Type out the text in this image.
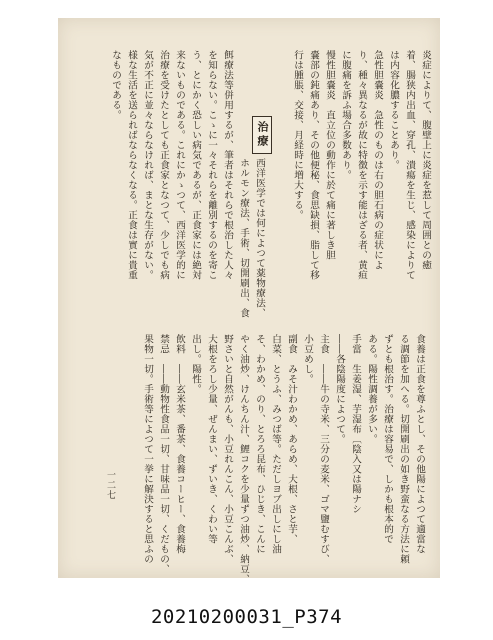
炎症によりて、腹壁上に炎症を惹して周囲との癒
着、腸狭内出血、穿孔、潰瘍を生じ、感染によりて
は内容化膿することあり。
急性胆嚢炎　急性のものは右の胆石病の症状によ
り、種々異なるが故に特徴を示す能はざる者、黄疸
に腹痛を訴ふ場合多数あり。
慢性胆嚢炎　直立位の動作に於て痛に著しき胆
嚢部の鈍痛あり、その他便秘、食思缺損、脂して移
行は腫脹、交接、月経時に増大する。
治療
西洋医学では何によつて薬物療法、
ホルモン療法、手術、切開刷出、食
餌療法等併用するが、筆者はそれらで根治した人々
を知らない。こゝに一々それらを離別するのを寄こ
う、とにかく恐しい病気であるが、正食家には絶対
来ないものである。これにかゝつて、西洋医学的に
治療を受けたとしても正食家となつて、少しでも病
気が不正に並々ならなければ、まとな生存がない。
様な生活を送らればならなくなる。正食は實に貴重
なものである。
食養は正食を尊ふとし、その他陽によつて適當な
る調節を加へる。切開刷出の如き野蛮なる方法に頼
ずとも根治す。治療は容易で、しかも根本的で
ある。陽性調養が多い。
手當　生姜湿、芋湿布〔陰入又は陽ナシ
――各陰陽度によつて。
主食　――牛の寺米、三分の麦米、ゴマ鹽むすび、
小豆めし。
副食　みそ汁わかめ、あらめ、大根、さと芋、
白菜、とうふ、みつば等。ただしヨブ出しにし油
そ、わかめ、のり、とろろ昆布、ひじき、こんに
やく油炒、けんちん汁、鯉コクを少量ずつ油炒、納豆、
野さいと自然がんも、小豆れんこん、小豆こんぶ、
大根をろし少量、ぜんまい、ずいき、くわい等
出し。陽性。
飲料　――玄米茶、番茶、食養コーヒー、食養梅
禁忌　――動物性食品一切、甘味品一切、くだもの、
果物一切。手術等によつて一挙に解決すると思ふの
一二七
20210200031_P374
